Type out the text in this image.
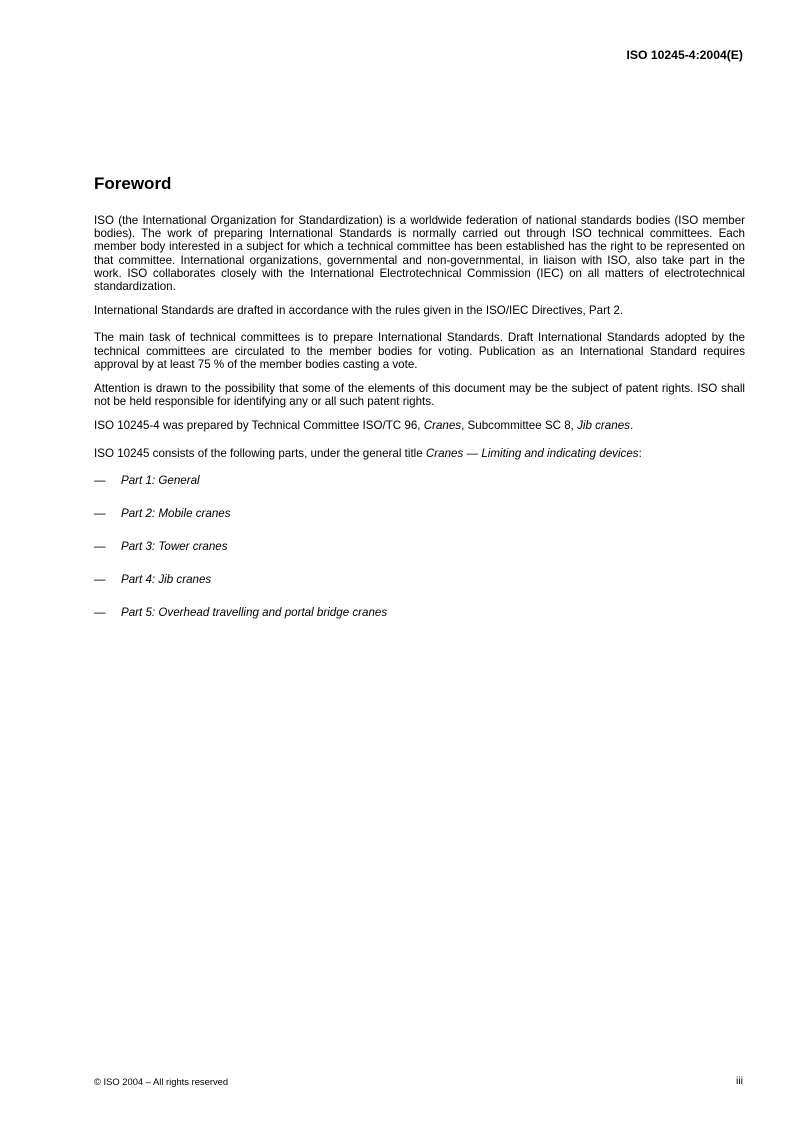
ISO 10245-4:2004(E)
Foreword

ISO (the International Organization for Standardization) is a worldwide federation of national standards bodies (ISO member bodies). The work of preparing International Standards is normally carried out through ISO technical committees. Each member body interested in a subject for which a technical committee has been established has the right to be represented on that committee. International organizations, governmental and non-governmental, in liaison with ISO, also take part in the work. ISO collaborates closely with the International Electrotechnical Commission (IEC) on all matters of electrotechnical standardization.

International Standards are drafted in accordance with the rules given in the ISO/IEC Directives, Part 2.

The main task of technical committees is to prepare International Standards. Draft International Standards adopted by the technical committees are circulated to the member bodies for voting. Publication as an International Standard requires approval by at least 75 % of the member bodies casting a vote.

Attention is drawn to the possibility that some of the elements of this document may be the subject of patent rights. ISO shall not be held responsible for identifying any or all such patent rights.

ISO 10245-4 was prepared by Technical Committee ISO/TC 96, Cranes, Subcommittee SC 8, Jib cranes.

ISO 10245 consists of the following parts, under the general title Cranes — Limiting and indicating devices:

—	Part 1: General
—	Part 2: Mobile cranes
—	Part 3: Tower cranes
—	Part 4: Jib cranes
—	Part 5: Overhead travelling and portal bridge cranes
© ISO 2004 – All rights reserved	iii
